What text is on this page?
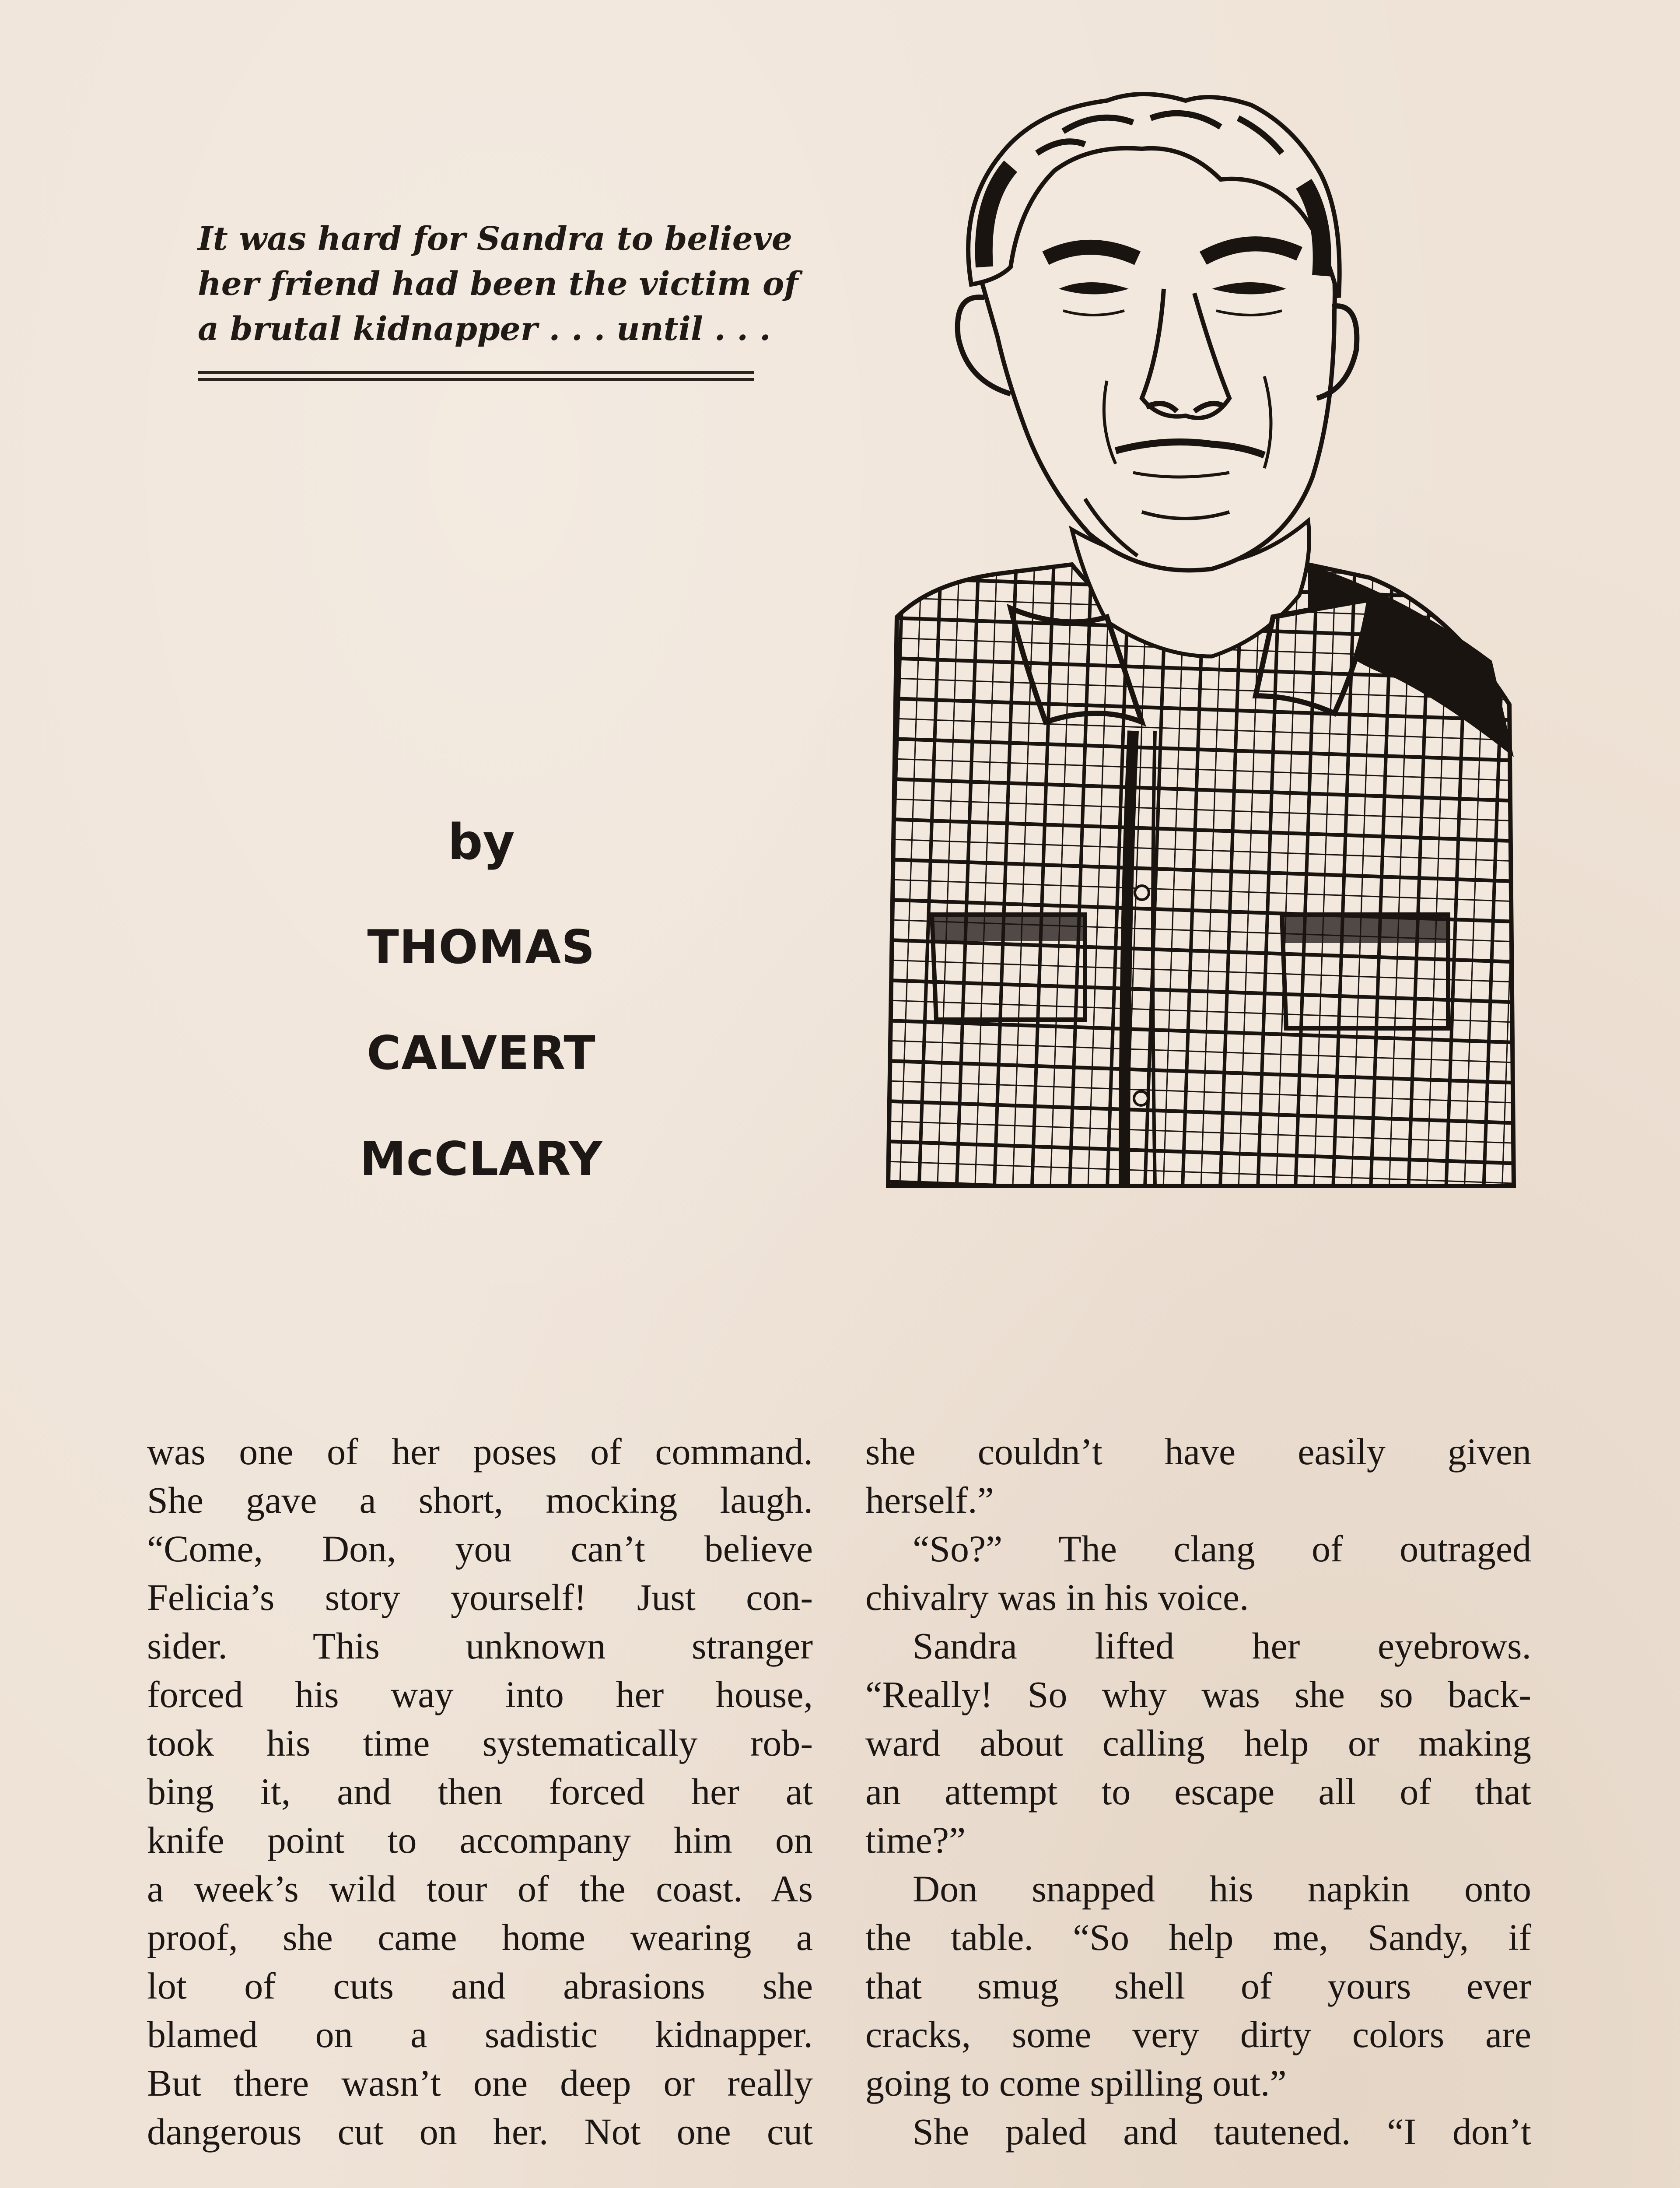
It was hard for Sandra to believe
her friend had been the victim of
a brutal kidnapper . . . until . . .
by
THOMAS
CALVERT
McCLARY
was one of her poses of command.
She gave a short, mocking laugh.
“Come, Don, you can’t believe
Felicia’s story yourself! Just con-
sider. This unknown stranger
forced his way into her house,
took his time systematically rob-
bing it, and then forced her at
knife point to accompany him on
a week’s wild tour of the coast. As
proof, she came home wearing a
lot of cuts and abrasions she
blamed on a sadistic kidnapper.
But there wasn’t one deep or really
dangerous cut on her. Not one cut
she couldn’t have easily given
herself.”
“So?” The clang of outraged
chivalry was in his voice.
Sandra lifted her eyebrows.
“Really! So why was she so back-
ward about calling help or making
an attempt to escape all of that
time?”
Don snapped his napkin onto
the table. “So help me, Sandy, if
that smug shell of yours ever
cracks, some very dirty colors are
going to come spilling out.”
She paled and tautened. “I don’t
